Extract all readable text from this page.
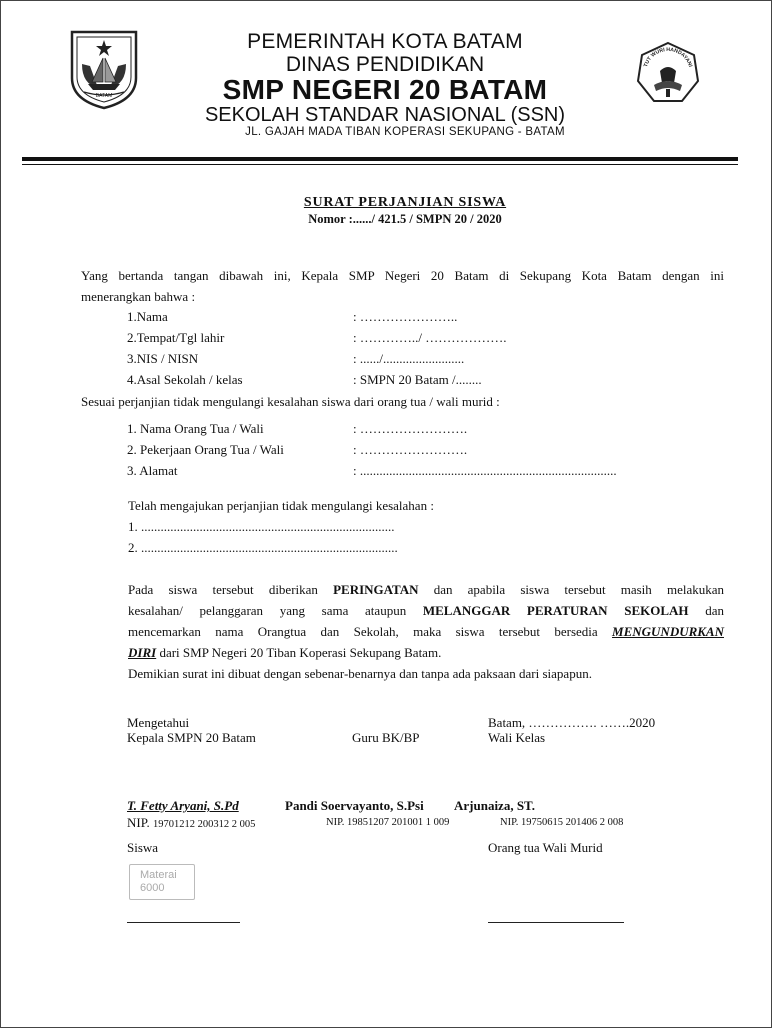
BATAM
TUT WURI HANDAYANI
PEMERINTAH KOTA BATAM
DINAS PENDIDIKAN
SMP NEGERI 20 BATAM
SEKOLAH STANDAR NASIONAL (SSN)
JL. GAJAH MADA TIBAN KOPERASI SEKUPANG - BATAM
SURAT PERJANJIAN SISWA
Nomor :....../ 421.5 / SMPN 20 / 2020
Yang bertanda tangan dibawah ini, Kepala SMP Negeri 20 Batam di Sekupang Kota Batam dengan ini
menerangkan bahwa :
1.Nama	: …………………..
2.Tempat/Tgl lahir	: …………../ ……………….
3.NIS / NISN	: ....../.........................
4.Asal Sekolah / kelas	: SMPN 20 Batam /........
Sesuai perjanjian tidak mengulangi kesalahan siswa dari orang tua / wali murid :
1. Nama Orang Tua / Wali	: …………………….
2. Pekerjaan Orang Tua / Wali	: …………………….
3. Alamat	: ...............................................................................
Telah mengajukan perjanjian tidak mengulangi kesalahan :
1. ..............................................................................
2. ...............................................................................
Pada siswa tersebut diberikan PERINGATAN dan apabila siswa tersebut masih melakukan
kesalahan/ pelanggaran yang sama ataupun MELANGGAR PERATURAN SEKOLAH dan
mencemarkan nama Orangtua dan Sekolah, maka siswa tersebut bersedia MENGUNDURKAN
DIRI dari SMP Negeri 20 Tiban Koperasi Sekupang Batam.
Demikian surat ini dibuat dengan sebenar-benarnya dan tanpa ada paksaan dari siapapun.
Mengetahui	Batam, ……………. …….2020
Kepala SMPN 20 Batam	Guru BK/BP	Wali Kelas
T. Fetty Aryani, S.Pd	Pandi Soervayanto, S.Psi Arjunaiza, ST.
NIP. 19701212 200312 2 005	NIP. 19851207 201001 1 009	NIP. 19750615 201406 2 008
Siswa	Orang tua Wali Murid
Materai
6000
